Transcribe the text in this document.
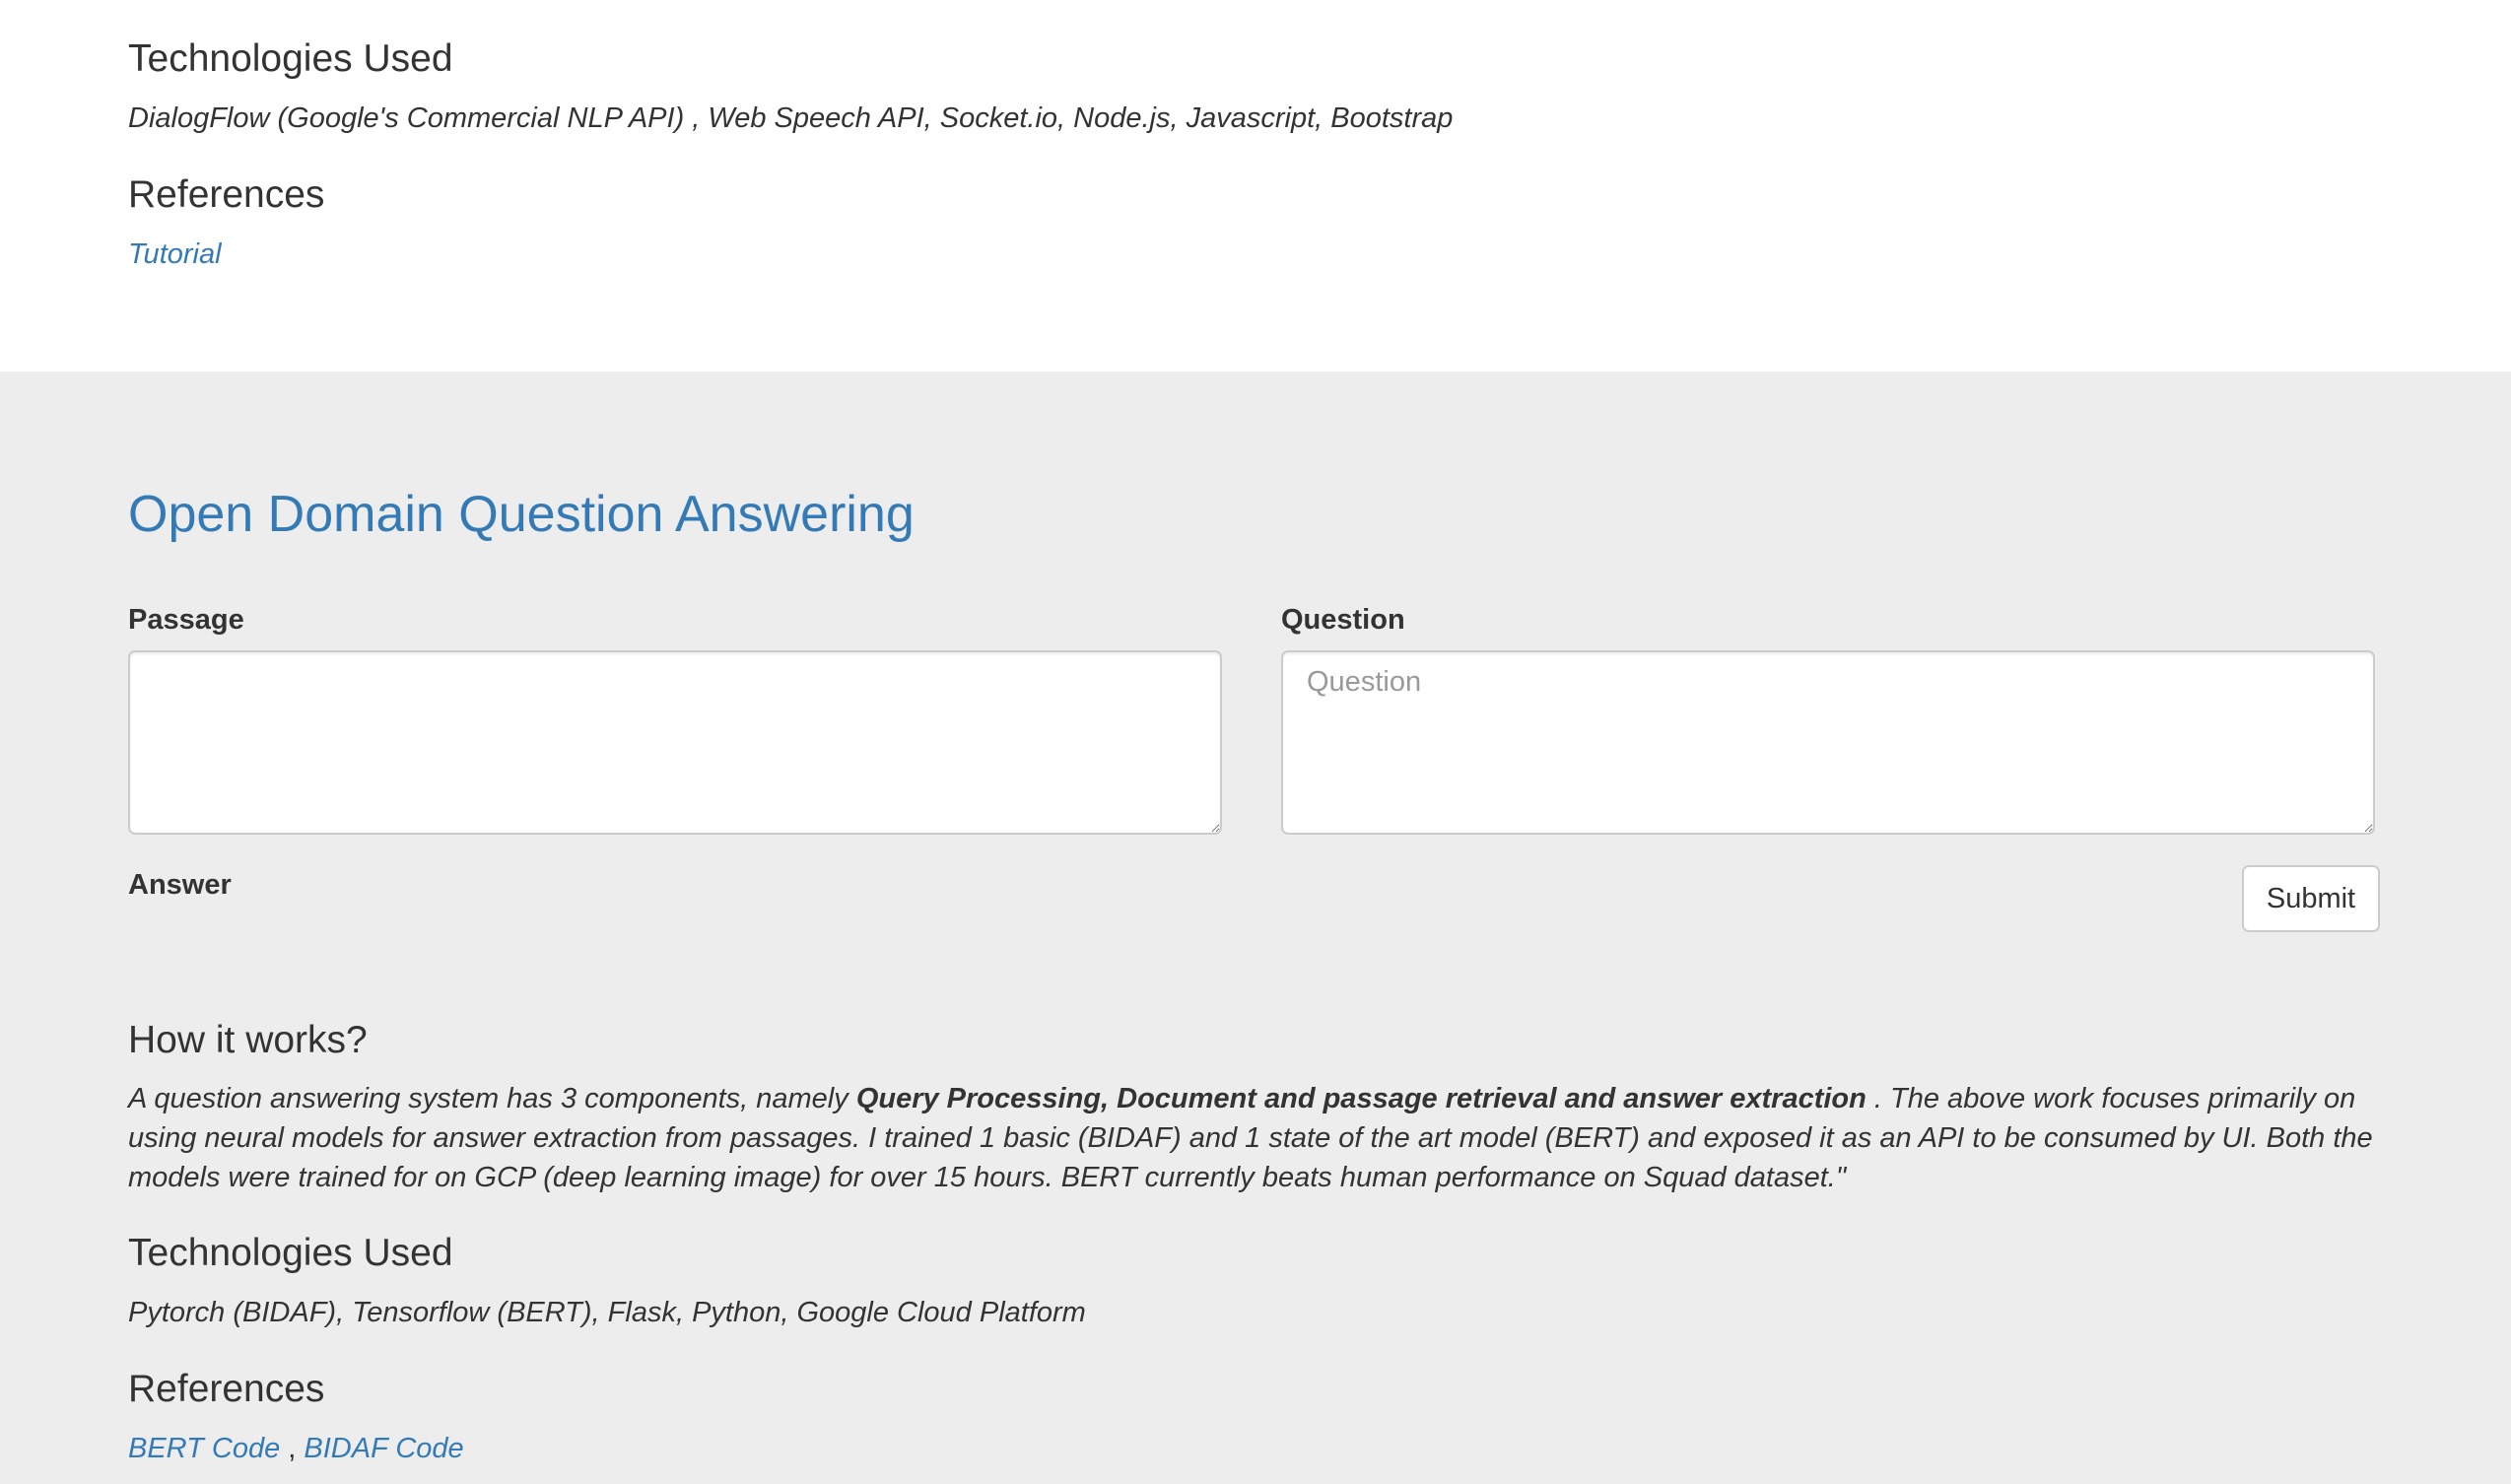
Technologies Used
DialogFlow (Google's Commercial NLP API) , Web Speech API, Socket.io, Node.js, Javascript, Bootstrap
References
Tutorial
Open Domain Question Answering
Passage	Question
Question
Answer	Submit
How it works?
A question answering system has 3 components, namely Query Processing, Document and passage retrieval and answer extraction . The above work focuses primarily on using neural models for answer extraction from passages. I trained 1 basic (BIDAF) and 1 state of the art model (BERT) and exposed it as an API to be consumed by UI. Both the models were trained for on GCP (deep learning image) for over 15 hours. BERT currently beats human performance on Squad dataset."
Technologies Used
Pytorch (BIDAF), Tensorflow (BERT), Flask, Python, Google Cloud Platform
References
BERT Code , BIDAF Code
